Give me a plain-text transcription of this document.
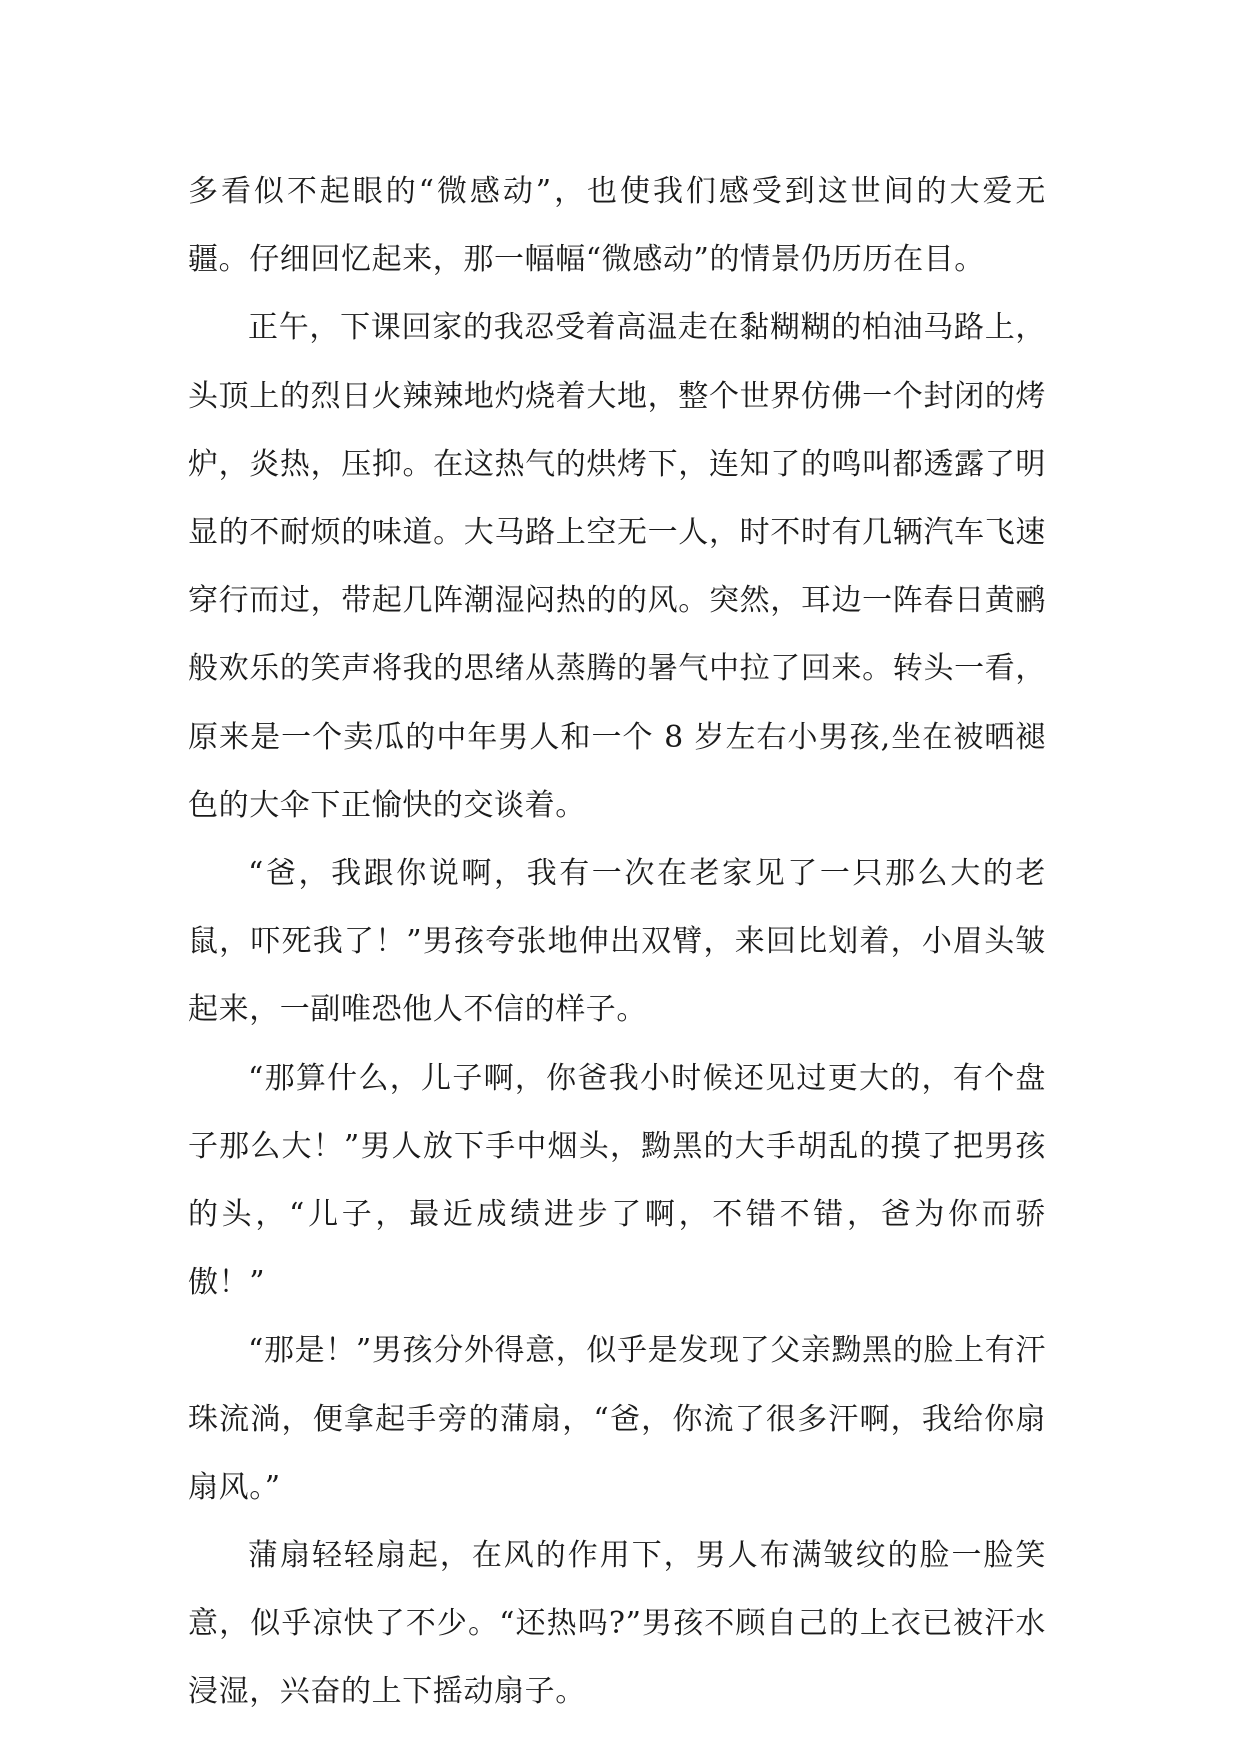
多看似不起眼的“微感动”，也使我们感受到这世间的大爱无疆。仔细回忆起来，那一幅幅“微感动”的情景仍历历在目。

正午，下课回家的我忍受着高温走在黏糊糊的柏油马路上，头顶上的烈日火辣辣地灼烧着大地，整个世界仿佛一个封闭的烤炉，炎热，压抑。在这热气的烘烤下，连知了的鸣叫都透露了明显的不耐烦的味道。大马路上空无一人，时不时有几辆汽车飞速穿行而过，带起几阵潮湿闷热的的风。突然，耳边一阵春日黄鹂般欢乐的笑声将我的思绪从蒸腾的暑气中拉了回来。转头一看，原来是一个卖瓜的中年男人和一个 8 岁左右小男孩,坐在被晒褪色的大伞下正愉快的交谈着。

“爸，我跟你说啊，我有一次在老家见了一只那么大的老鼠，吓死我了！”男孩夸张地伸出双臂，来回比划着，小眉头皱起来，一副唯恐他人不信的样子。

“那算什么，儿子啊，你爸我小时候还见过更大的，有个盘子那么大！”男人放下手中烟头，黝黑的大手胡乱的摸了把男孩的头，“儿子，最近成绩进步了啊，不错不错，爸为你而骄傲！”

“那是！”男孩分外得意，似乎是发现了父亲黝黑的脸上有汗珠流淌，便拿起手旁的蒲扇，“爸，你流了很多汗啊，我给你扇扇风。”

蒲扇轻轻扇起，在风的作用下，男人布满皱纹的脸一脸笑意，似乎凉快了不少。“还热吗?”男孩不顾自己的上衣已被汗水浸湿，兴奋的上下摇动扇子。
